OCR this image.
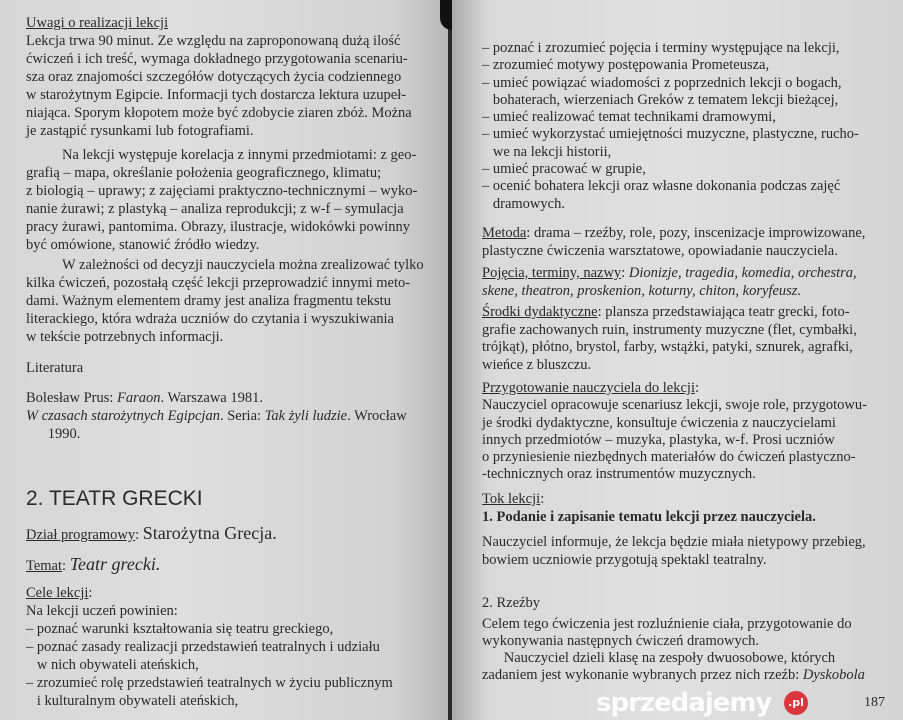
Uwagi o realizacji lekcji
Lekcja trwa 90 minut. Ze względu na zaproponowaną dużą ilość
ćwiczeń i ich treść, wymaga dokładnego przygotowania scenariu-
sza oraz znajomości szczegółów dotyczących życia codziennego
w starożytnym Egipcie. Informacji tych dostarcza lektura uzupeł-
niająca. Sporym kłopotem może być zdobycie ziaren zbóż. Można
je zastąpić rysunkami lub fotografiami.
Na lekcji występuje korelacja z innymi przedmiotami: z geo-
grafią – mapa, określanie położenia geograficznego, klimatu;
z biologią – uprawy; z zajęciami praktyczno-technicznymi – wyko-
nanie żurawi; z plastyką – analiza reprodukcji; z w-f – symulacja
pracy żurawi, pantomima. Obrazy, ilustracje, widokówki powinny
być omówione, stanowić źródło wiedzy.
W zależności od decyzji nauczyciela można zrealizować tylko
kilka ćwiczeń, pozostałą część lekcji przeprowadzić innymi meto-
dami. Ważnym elementem dramy jest analiza fragmentu tekstu
literackiego, która wdraża uczniów do czytania i wyszukiwania
w tekście potrzebnych informacji.
Literatura
Bolesław Prus: Faraon. Warszawa 1981.
W czasach starożytnych Egipcjan. Seria: Tak żyli ludzie. Wrocław
1990.
2. TEATR GRECKI
Dział programowy: Starożytna Grecja.
Temat: Teatr grecki.
Cele lekcji:
Na lekcji uczeń powinien:
– poznać warunki kształtowania się teatru greckiego,
– poznać zasady realizacji przedstawień teatralnych i udziału
w nich obywateli ateńskich,
– zrozumieć rolę przedstawień teatralnych w życiu publicznym
i kulturalnym obywateli ateńskich,
– poznać i zrozumieć pojęcia i terminy występujące na lekcji,
– zrozumieć motywy postępowania Prometeusza,
– umieć powiązać wiadomości z poprzednich lekcji o bogach,
bohaterach, wierzeniach Greków z tematem lekcji bieżącej,
– umieć realizować temat technikami dramowymi,
– umieć wykorzystać umiejętności muzyczne, plastyczne, rucho-
we na lekcji historii,
– umieć pracować w grupie,
– ocenić bohatera lekcji oraz własne dokonania podczas zajęć
dramowych.
Metoda: drama – rzeźby, role, pozy, inscenizacje improwizowane,
plastyczne ćwiczenia warsztatowe, opowiadanie nauczyciela.
Pojęcia, terminy, nazwy: Dionizje, tragedia, komedia, orchestra,
skene, theatron, proskenion, koturny, chiton, koryfeusz.
Środki dydaktyczne: plansza przedstawiająca teatr grecki, foto-
grafie zachowanych ruin, instrumenty muzyczne (flet, cymbałki,
trójkąt), płótno, brystol, farby, wstążki, patyki, sznurek, agrafki,
wieńce z bluszczu.
Przygotowanie nauczyciela do lekcji:
Nauczyciel opracowuje scenariusz lekcji, swoje role, przygotowu-
je środki dydaktyczne, konsultuje ćwiczenia z nauczycielami
innych przedmiotów – muzyka, plastyka, w-f. Prosi uczniów
o przyniesienie niezbędnych materiałów do ćwiczeń plastyczno-
-technicznych oraz instrumentów muzycznych.
Tok lekcji:
1. Podanie i zapisanie tematu lekcji przez nauczyciela.
Nauczyciel informuje, że lekcja będzie miała nietypowy przebieg,
bowiem uczniowie przygotują spektakl teatralny.
2. Rzeźby
Celem tego ćwiczenia jest rozluźnienie ciała, przygotowanie do
wykonywania następnych ćwiczeń dramowych.
Nauczyciel dzieli klasę na zespoły dwuosobowe, których
zadaniem jest wykonanie wybranych przez nich rzeźb: Dyskobola
187
sprzedajemy	.pl
